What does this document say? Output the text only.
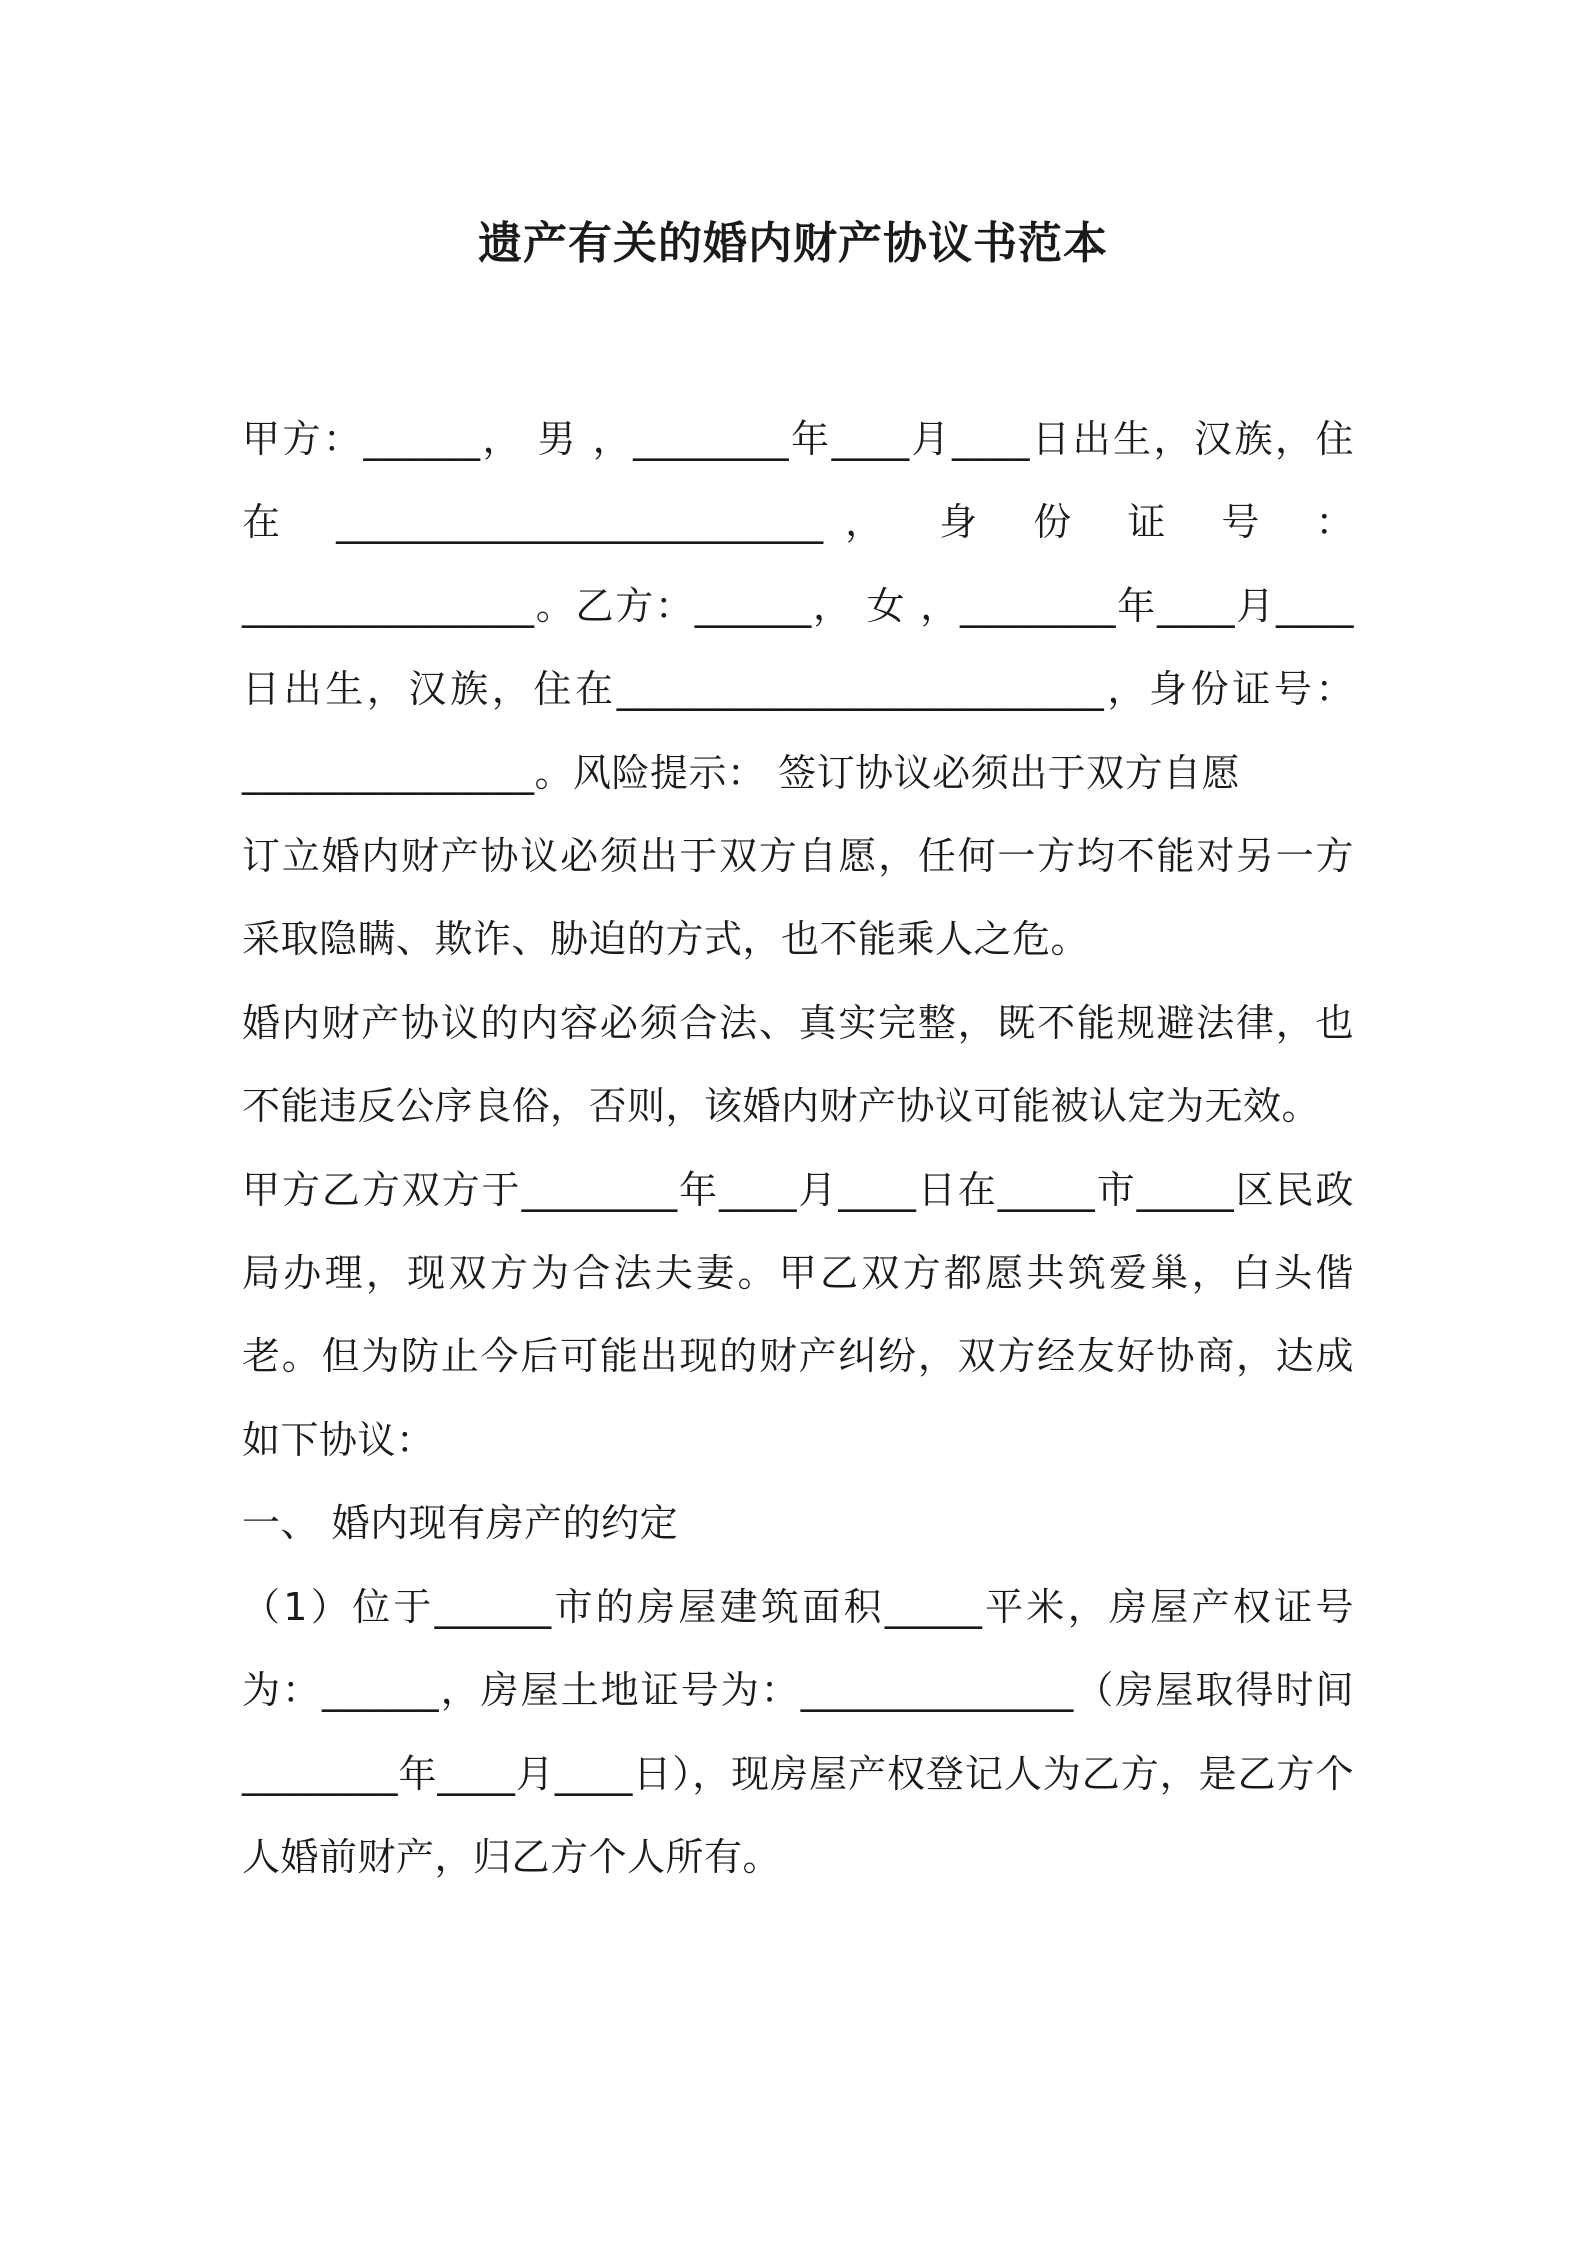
遗产有关的婚内财产协议书范本

甲方：______， 男 ，________年____月____日出生，汉族，住 在 _________________________， 身 份 证 号 ：_______________。乙方：______， 女 ，________年____月____日出生，汉族，住在_________________________，身份证号：_______________。风险提示： 签订协议必须出于双方自愿

订立婚内财产协议必须出于双方自愿，任何一方均不能对另一方采取隐瞒、欺诈、胁迫的方式，也不能乘人之危。

婚内财产协议的内容必须合法、真实完整，既不能规避法律，也不能违反公序良俗，否则，该婚内财产协议可能被认定为无效。

甲方乙方双方于________年____月____日在_____市_____区民政局办理，现双方为合法夫妻。甲乙双方都愿共筑爱巢，白头偕老。但为防止今后可能出现的财产纠纷，双方经友好协商，达成如下协议：

一、 婚内现有房产的约定

（1）位于______市的房屋建筑面积_____平米，房屋产权证号为：______，房屋土地证号为：______________（房屋取得时间________年____月____日），现房屋产权登记人为乙方，是乙方个人婚前财产，归乙方个人所有。
